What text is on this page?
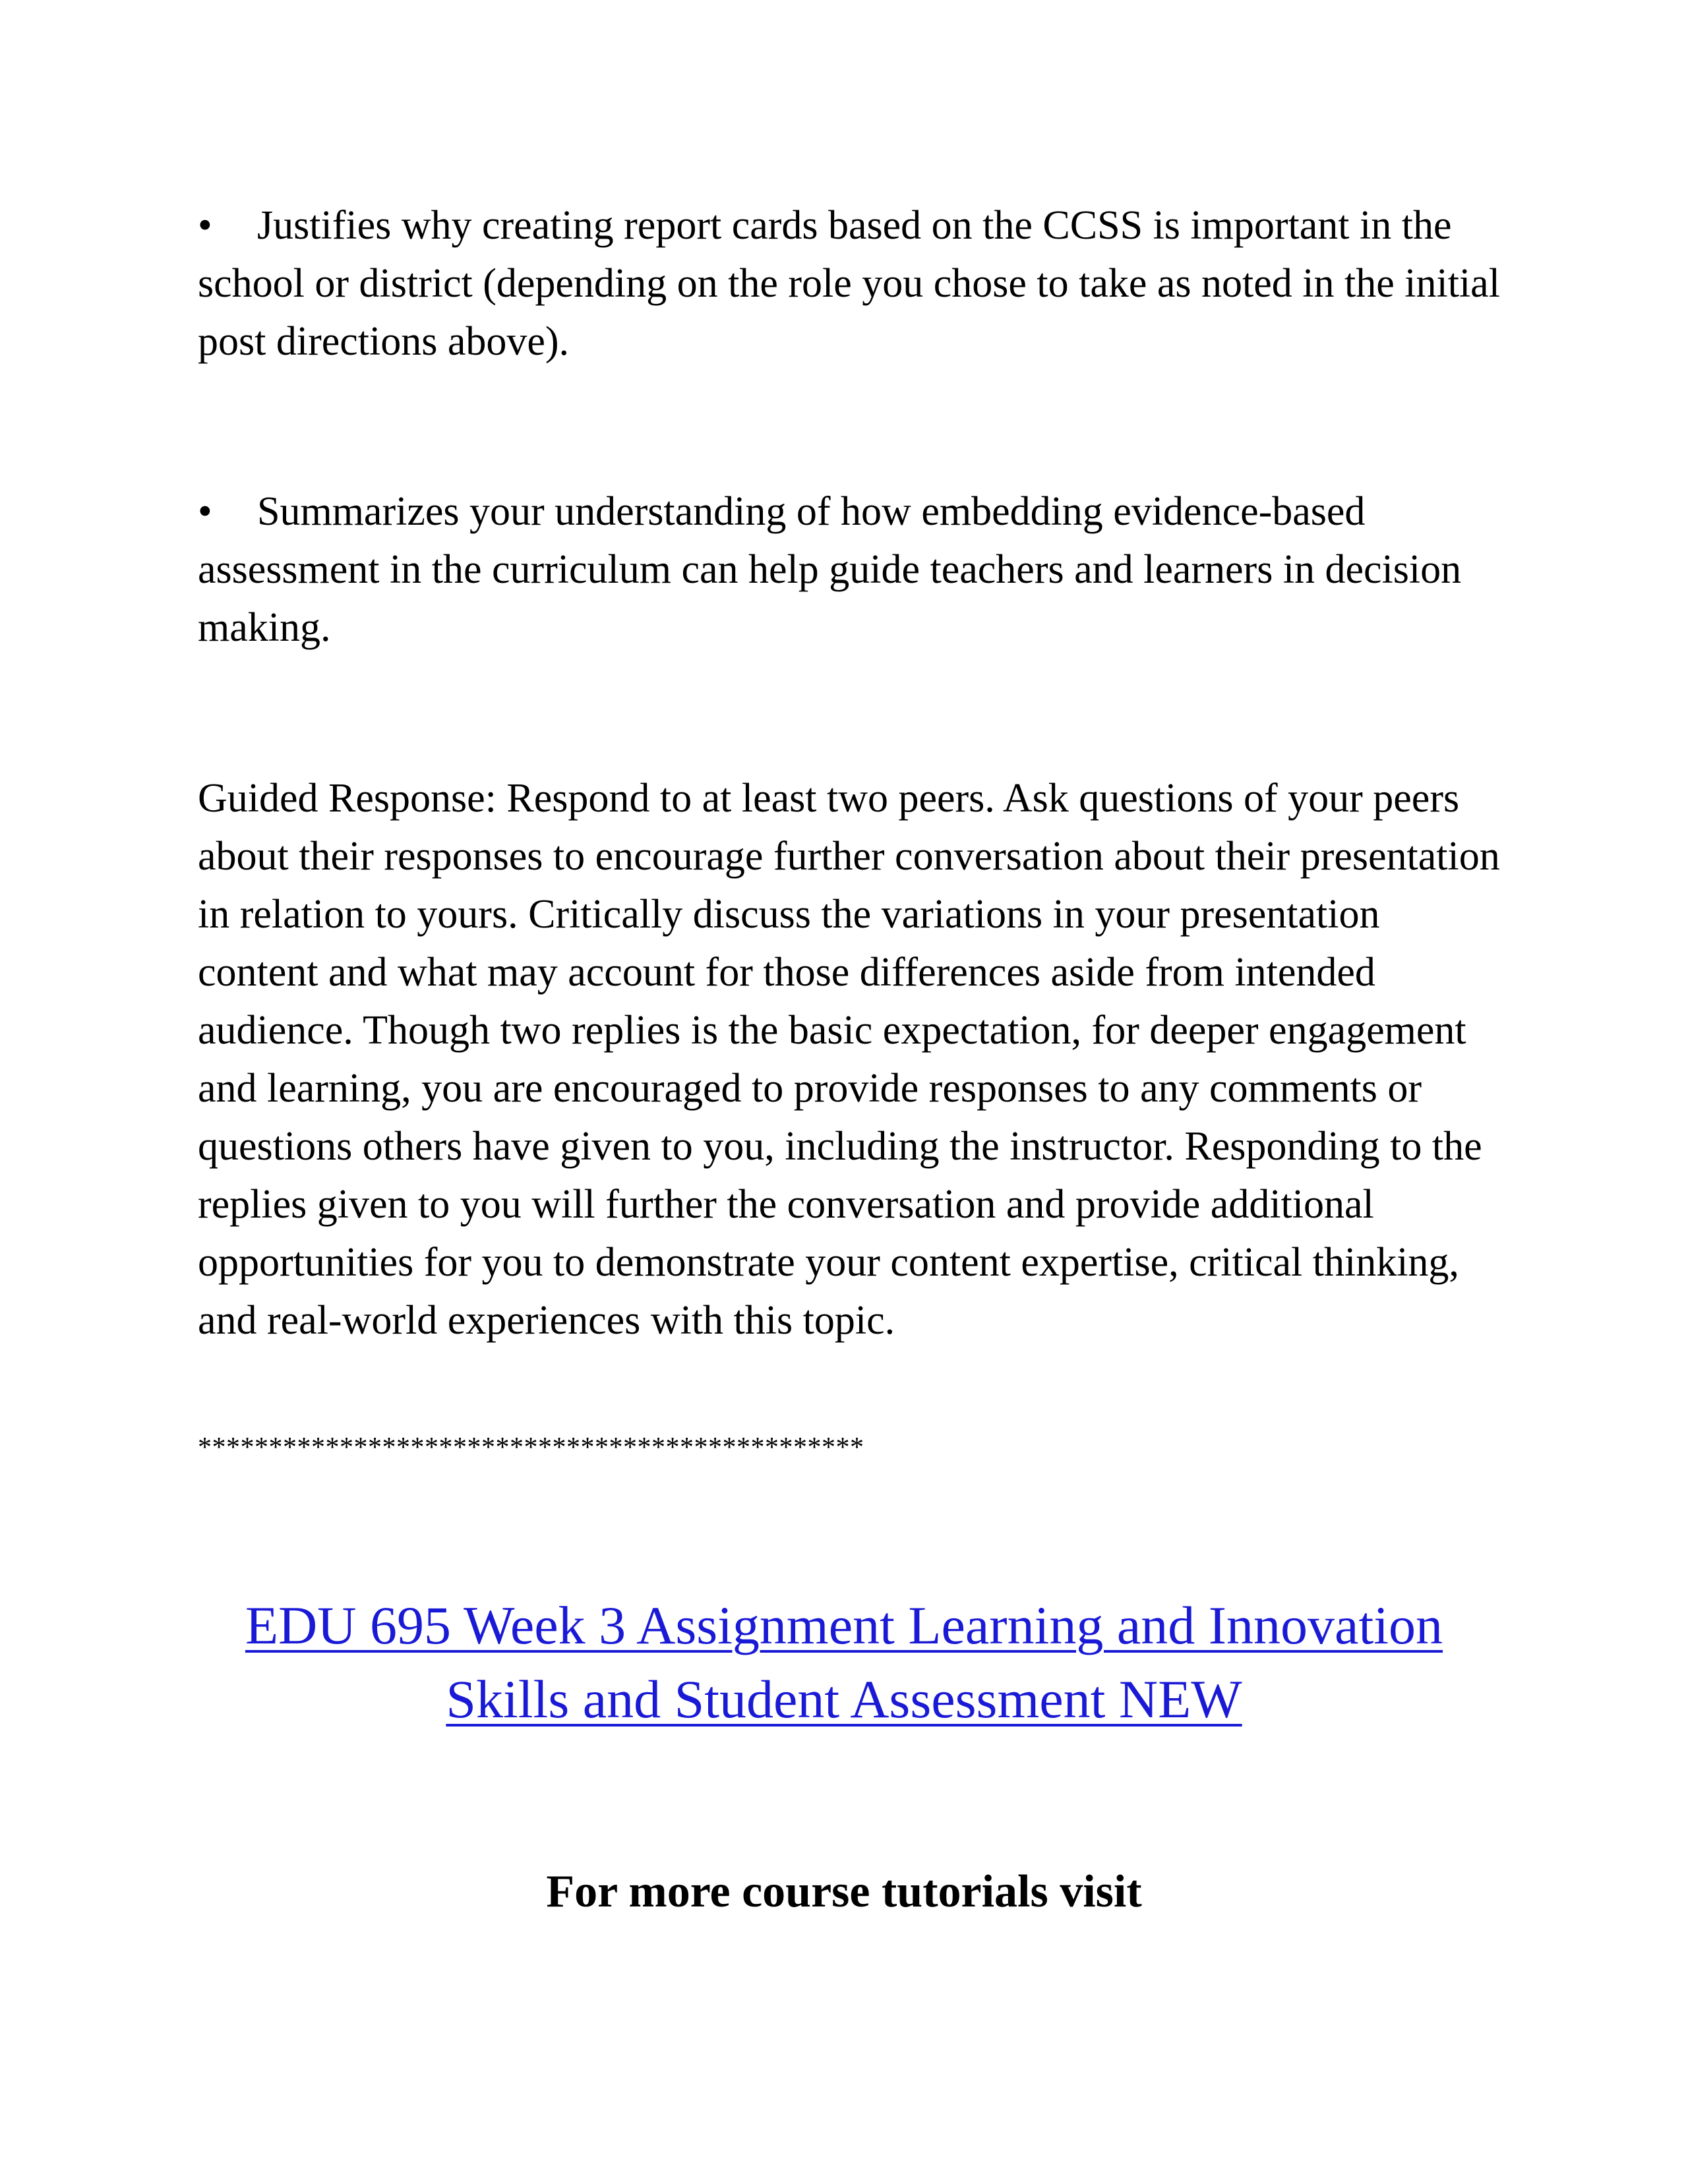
• Justifies why creating report cards based on the CCSS is important in the school or district (depending on the role you chose to take as noted in the initial post directions above).

• Summarizes your understanding of how embedding evidence-based assessment in the curriculum can help guide teachers and learners in decision making.

Guided Response: Respond to at least two peers. Ask questions of your peers about their responses to encourage further conversation about their presentation in relation to yours. Critically discuss the variations in your presentation content and what may account for those differences aside from intended audience. Though two replies is the basic expectation, for deeper engagement and learning, you are encouraged to provide responses to any comments or questions others have given to you, including the instructor. Responding to the replies given to you will further the conversation and provide additional opportunities for you to demonstrate your content expertise, critical thinking, and real-world experiences with this topic.

***********************************************

EDU 695 Week 3 Assignment Learning and Innovation
Skills and Student Assessment NEW

For more course tutorials visit
